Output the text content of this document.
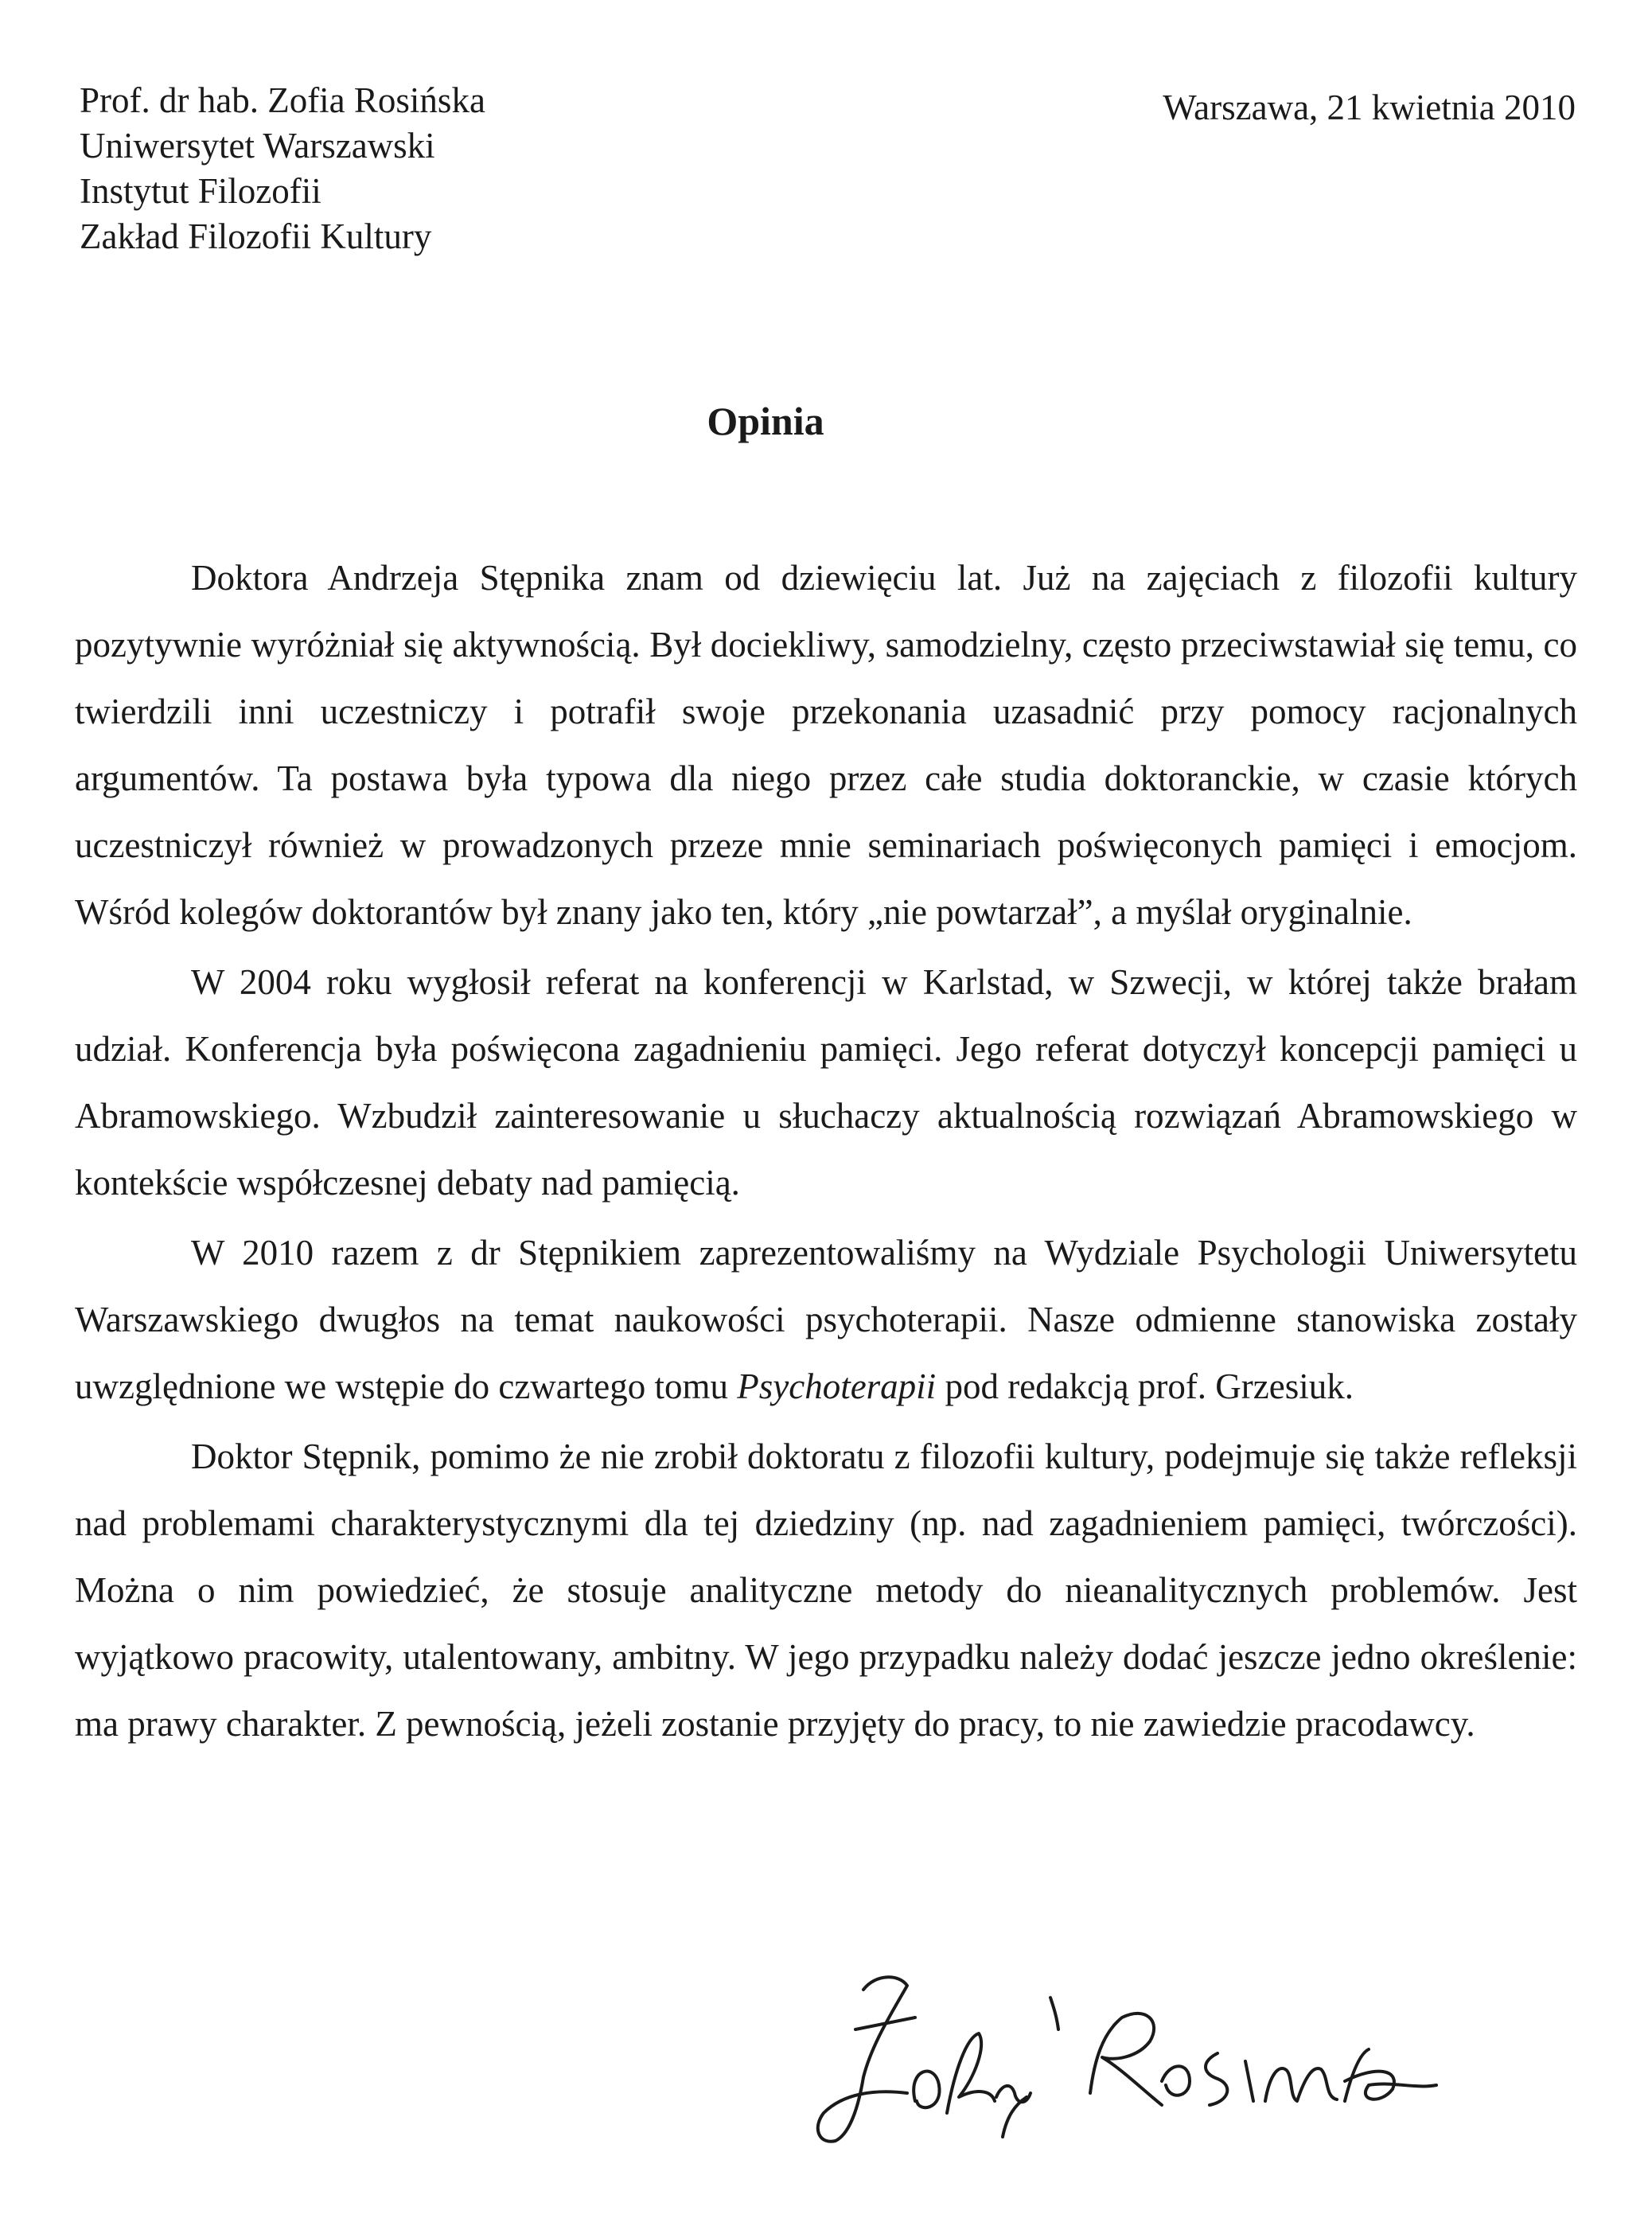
Prof. dr hab. Zofia Rosińska
Uniwersytet Warszawski
Instytut Filozofii
Zakład Filozofii Kultury
Warszawa, 21 kwietnia 2010
Opinia

Doktora Andrzeja Stępnika znam od dziewięciu lat. Już na zajęciach z filozofii kultury pozytywnie wyróżniał się aktywnością. Był dociekliwy, samodzielny, często przeciwstawiał się temu, co twierdzili inni uczestniczy i potrafił swoje przekonania uzasadnić przy pomocy racjonalnych argumentów. Ta postawa była typowa dla niego przez całe studia doktoranckie, w czasie których uczestniczył również w prowadzonych przeze mnie seminariach poświęconych pamięci i emocjom. Wśród kolegów doktorantów był znany jako ten, który „nie powtarzał”, a myślał oryginalnie.

W 2004 roku wygłosił referat na konferencji w Karlstad, w Szwecji, w której także brałam udział. Konferencja była poświęcona zagadnieniu pamięci. Jego referat dotyczył koncepcji pamięci u Abramowskiego. Wzbudził zainteresowanie u słuchaczy aktualnością rozwiązań Abramowskiego w kontekście współczesnej debaty nad pamięcią.

W 2010 razem z dr Stępnikiem zaprezentowaliśmy na Wydziale Psychologii Uniwersytetu Warszawskiego dwugłos na temat naukowości psychoterapii. Nasze odmienne stanowiska zostały uwzględnione we wstępie do czwartego tomu Psychoterapii pod redakcją prof. Grzesiuk.

Doktor Stępnik, pomimo że nie zrobił doktoratu z filozofii kultury, podejmuje się także refleksji nad problemami charakterystycznymi dla tej dziedziny (np. nad zagadnieniem pamięci, twórczości). Można o nim powiedzieć, że stosuje analityczne metody do nieanalitycznych problemów. Jest wyjątkowo pracowity, utalentowany, ambitny. W jego przypadku należy dodać jeszcze jedno określenie: ma prawy charakter. Z pewnością, jeżeli zostanie przyjęty do pracy, to nie zawiedzie pracodawcy.
